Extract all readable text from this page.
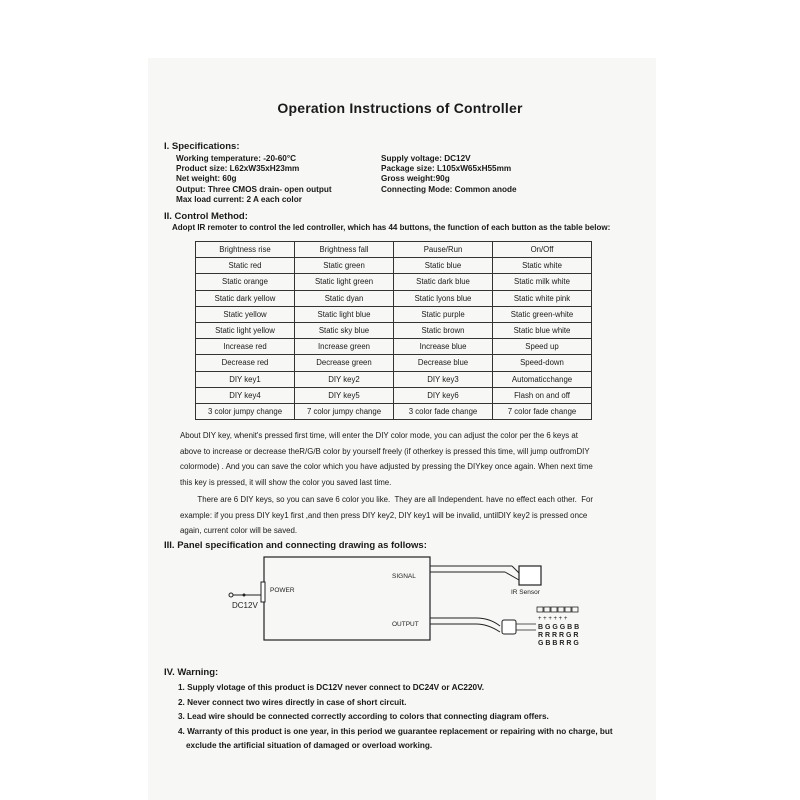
Operation Instructions of Controller
I. Specifications:
Working temperature: -20-60°C
Product size: L62xW35xH23mm
Net weight: 60g
Output: Three CMOS drain- open output
Max load current: 2 A each color
Supply voltage: DC12V
Package size: L105xW65xH55mm
Gross weight:90g
Connecting Mode: Common anode
II. Control Method:
Adopt IR remoter to control the led controller, which has 44 buttons, the function of each button as the table below:
Brightness rise	Brightness fall	Pause/Run	On/Off
Static red	Static green	Static blue	Static white
Static orange	Static light green	Static dark blue	Static milk white
Static dark yellow	Static dyan	Static lyons blue	Static white pink
Static yellow	Static light blue	Static purple	Static green-white
Static light yellow	Static sky blue	Static brown	Static blue white
Increase red	Increase green	Increase blue	Speed up
Decrease red	Decrease green	Decrease blue	Speed-down
DIY key1	DIY key2	DIY key3	Automaticchange
DIY key4	DIY key5	DIY key6	Flash on and off
3 color jumpy change	7 color jumpy change	3 color fade change	7 color fade change
About DIY key, whenit's pressed first time, will enter the DIY color mode, you can adjust the color per the 6 keys at
above to increase or decrease theR/G/B color by yourself freely (if otherkey is pressed this time, will jump outfromDIY
colormode) . And you can save the color which you have adjusted by pressing the DIYkey once again. When next time
this key is pressed, it will show the color you saved last time.
There are 6 DIY keys, so you can save 6 color you like.  They are all Independent. have no effect each other.  For
example: if you press DIY key1 first ,and then press DIY key2, DIY key1 will be invalid, untilDIY key2 is pressed once
again, current color will be saved.
III. Panel specification and connecting drawing as follows:
DC12V
POWER
SIGNAL
OUTPUT
IR Sensor
+ + + + + +
B G G G B B
R R R R G R
G B B R R G
IV. Warning:
1. Supply vlotage of this product is DC12V never connect to DC24V or AC220V.
2. Never connect two wires directly in case of short circuit.
3. Lead wire should be connected correctly according to colors that connecting diagram offers.
4. Warranty of this product is one year, in this period we guarantee replacement or repairing with no charge, but
exclude the artificial situation of damaged or overload working.
